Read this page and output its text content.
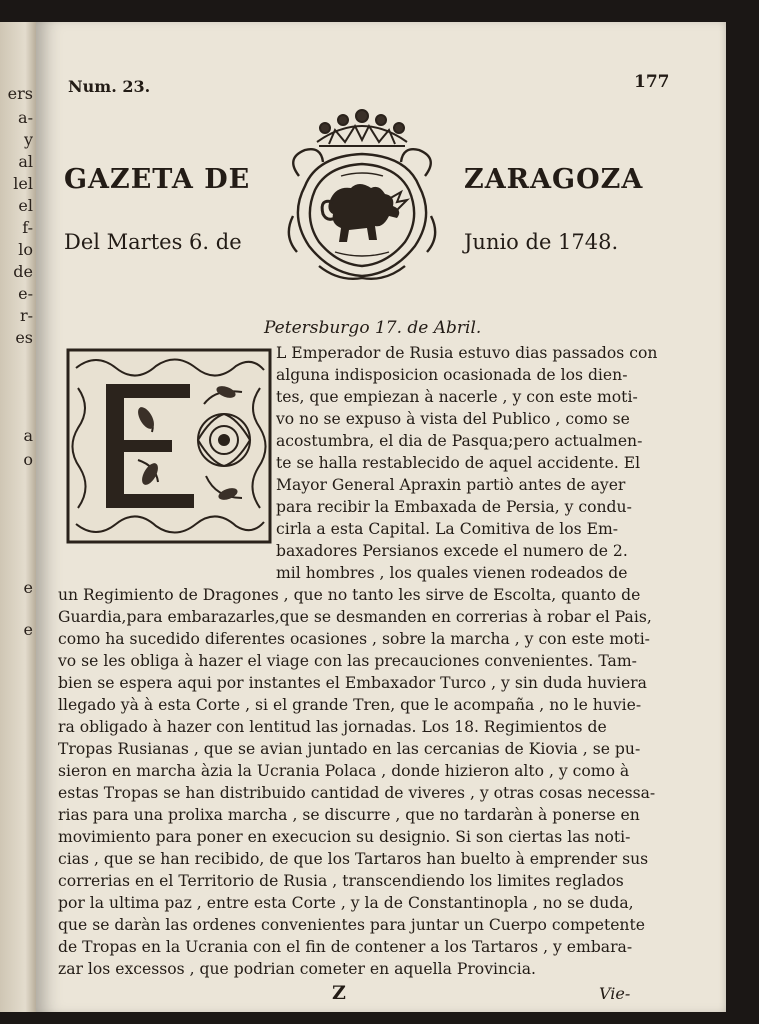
ers
a-
y
al
lel
el
f-
lo
de
e-
r-
es
a
o
e
e
Num. 23.	177
GAZETA DE	ZARAGOZA
Del Martes 6. de	Junio de 1748.
Petersburgo 17. de Abril.
L Emperador de Rusia estuvo dias passados con
alguna indisposicion ocasionada de los dien-
tes, que empiezan à nacerle , y con este moti-
vo no se expuso à vista del Publico , como se
acostumbra, el dia de Pasqua;pero actualmen-
te se halla restablecido de aquel accidente. El
Mayor General Apraxin partiò antes de ayer
para recibir la Embaxada de Persia, y condu-
cirla a esta Capital. La Comitiva de los Em-
baxadores Persianos excede el numero de 2.
mil hombres , los quales vienen rodeados de
un Regimiento de Dragones , que no tanto les sirve de Escolta, quanto de
Guardia,para embarazarles,que se desmanden en correrias à robar el Pais,
como ha sucedido diferentes ocasiones , sobre la marcha , y con este moti-
vo se les obliga à hazer el viage con las precauciones convenientes. Tam-
bien se espera aqui por instantes el Embaxador Turco , y sin duda huviera
llegado yà à esta Corte , si el grande Tren, que le acompaña , no le huvie-
ra obligado à hazer con lentitud las jornadas. Los 18. Regimientos de
Tropas Rusianas , que se avian juntado en las cercanias de Kiovia , se pu-
sieron en marcha àzia la Ucrania Polaca , donde hizieron alto , y como à
estas Tropas se han distribuido cantidad de viveres , y otras cosas necessa-
rias para una prolixa marcha , se discurre , que no tardaràn à ponerse en
movimiento para poner en execucion su designio. Si son ciertas las noti-
cias , que se han recibido, de que los Tartaros han buelto à emprender sus
correrias en el Territorio de Rusia , transcendiendo los limites reglados
por la ultima paz , entre esta Corte , y la de Constantinopla , no se duda,
que se daràn las ordenes convenientes para juntar un Cuerpo competente
de Tropas en la Ucrania con el fin de contener a los Tartaros , y embara-
zar los excessos , que podrian cometer en aquella Provincia.
Z	Vie-
